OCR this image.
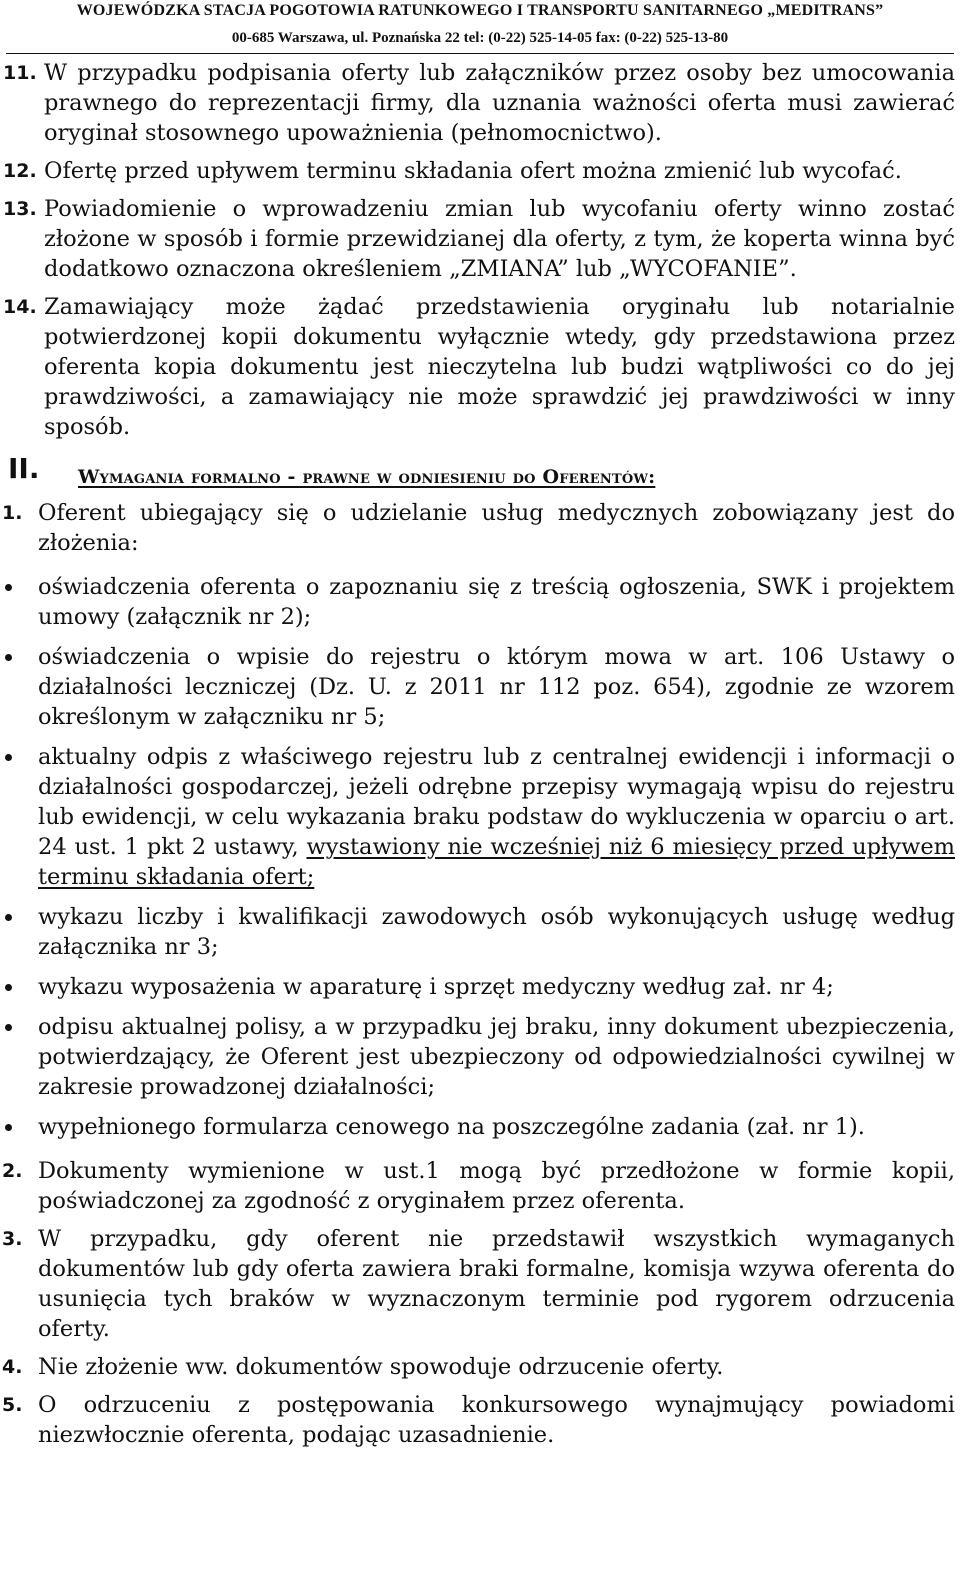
WOJEWÓDZKA STACJA POGOTOWIA RATUNKOWEGO I TRANSPORTU SANITARNEGO „MEDITRANS”
00-685 Warszawa, ul. Poznańska 22 tel: (0-22) 525-14-05 fax: (0-22) 525-13-80
11. W przypadku podpisania oferty lub załączników przez osoby bez umocowania prawnego do reprezentacji firmy, dla uznania ważności oferta musi zawierać oryginał stosownego upoważnienia (pełnomocnictwo).
12. Ofertę przed upływem terminu składania ofert można zmienić lub wycofać.
13. Powiadomienie o wprowadzeniu zmian lub wycofaniu oferty winno zostać złożone w sposób i formie przewidzianej dla oferty, z tym, że koperta winna być dodatkowo oznaczona określeniem „ZMIANA” lub „WYCOFANIE”.
14. Zamawiający może żądać przedstawienia oryginału lub notarialnie potwierdzonej kopii dokumentu wyłącznie wtedy, gdy przedstawiona przez oferenta kopia dokumentu jest nieczytelna lub budzi wątpliwości co do jej prawdziwości, a zamawiający nie może sprawdzić jej prawdziwości w inny sposób.
II. Wymagania formalno - prawne w odniesieniu do Oferentów:
1. Oferent ubiegający się o udzielanie usług medycznych zobowiązany jest do złożenia:
oświadczenia oferenta o zapoznaniu się z treścią ogłoszenia, SWK i projektem umowy (załącznik nr 2);
oświadczenia o wpisie do rejestru o którym mowa w art. 106 Ustawy o działalności leczniczej (Dz. U. z 2011 nr 112 poz. 654), zgodnie ze wzorem określonym w załączniku nr 5;
aktualny odpis z właściwego rejestru lub z centralnej ewidencji i informacji o działalności gospodarczej, jeżeli odrębne przepisy wymagają wpisu do rejestru lub ewidencji, w celu wykazania braku podstaw do wykluczenia w oparciu o art. 24 ust. 1 pkt 2 ustawy, wystawiony nie wcześniej niż 6 miesięcy przed upływem terminu składania ofert;
wykazu liczby i kwalifikacji zawodowych osób wykonujących usługę według załącznika nr 3;
wykazu wyposażenia w aparaturę i sprzęt medyczny według zał. nr 4;
odpisu aktualnej polisy, a w przypadku jej braku, inny dokument ubezpieczenia, potwierdzający, że Oferent jest ubezpieczony od odpowiedzialności cywilnej w zakresie prowadzonej działalności;
wypełnionego formularza cenowego na poszczególne zadania (zał. nr 1).
2. Dokumenty wymienione w ust.1 mogą być przedłożone w formie kopii, poświadczonej za zgodność z oryginałem przez oferenta.
3. W przypadku, gdy oferent nie przedstawił wszystkich wymaganych dokumentów lub gdy oferta zawiera braki formalne, komisja wzywa oferenta do usunięcia tych braków w wyznaczonym terminie pod rygorem odrzucenia oferty.
4. Nie złożenie ww. dokumentów spowoduje odrzucenie oferty.
5. O odrzuceniu z postępowania konkursowego wynajmujący powiadomi niezwłocznie oferenta, podając uzasadnienie.
